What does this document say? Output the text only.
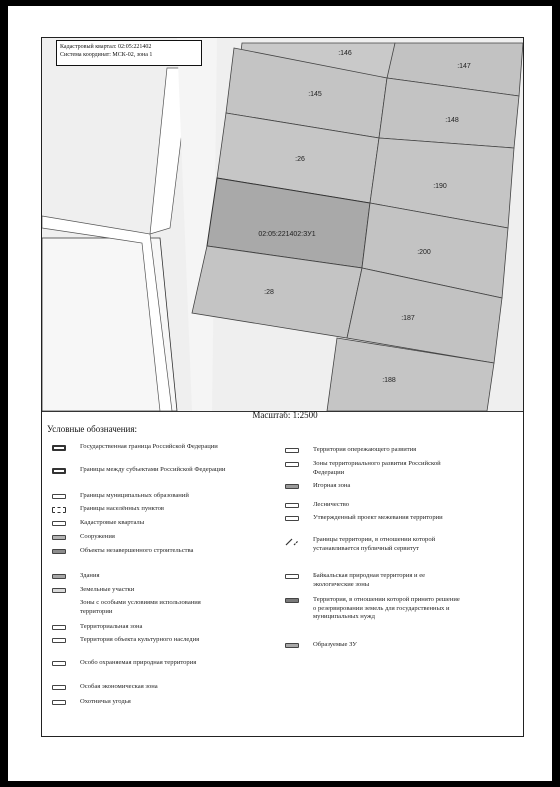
:146
:147
:145
:148
:26
:190
02:05:221402:ЗУ1
:200
:28
:187
:188
Кадастровый квартал: 02:05:221402
Система координат: МСК-02, зона 1
Масштаб: 1:2500
Условные обозначения:
Государственная граница Российской Федерации
Границы между субъектами Российской Федерации
Границы муниципальных образований
Границы населённых пунктов
Кадастровые кварталы
Сооружения
Объекты незавершенного строительства
Здания
Земельные участки
Зоны с особыми условиями использования территории
Территориальная зона
Территория объекта культурного наследия
Особо охраняемая природная территория
Особая экономическая зона
Охотничьи угодья
Территория опережающего развития
Зоны территориального развития Российской Федерации
Игорная зона
Лесничество
Утвержденный проект межевания территории
Границы территории, в отношении которой устанавливается публичный сервитут
Байкальская природная территория и ее экологические зоны
Территория, в отношении которой принято решение о резервировании земель для государственных и муниципальных нужд
Образуемые ЗУ
